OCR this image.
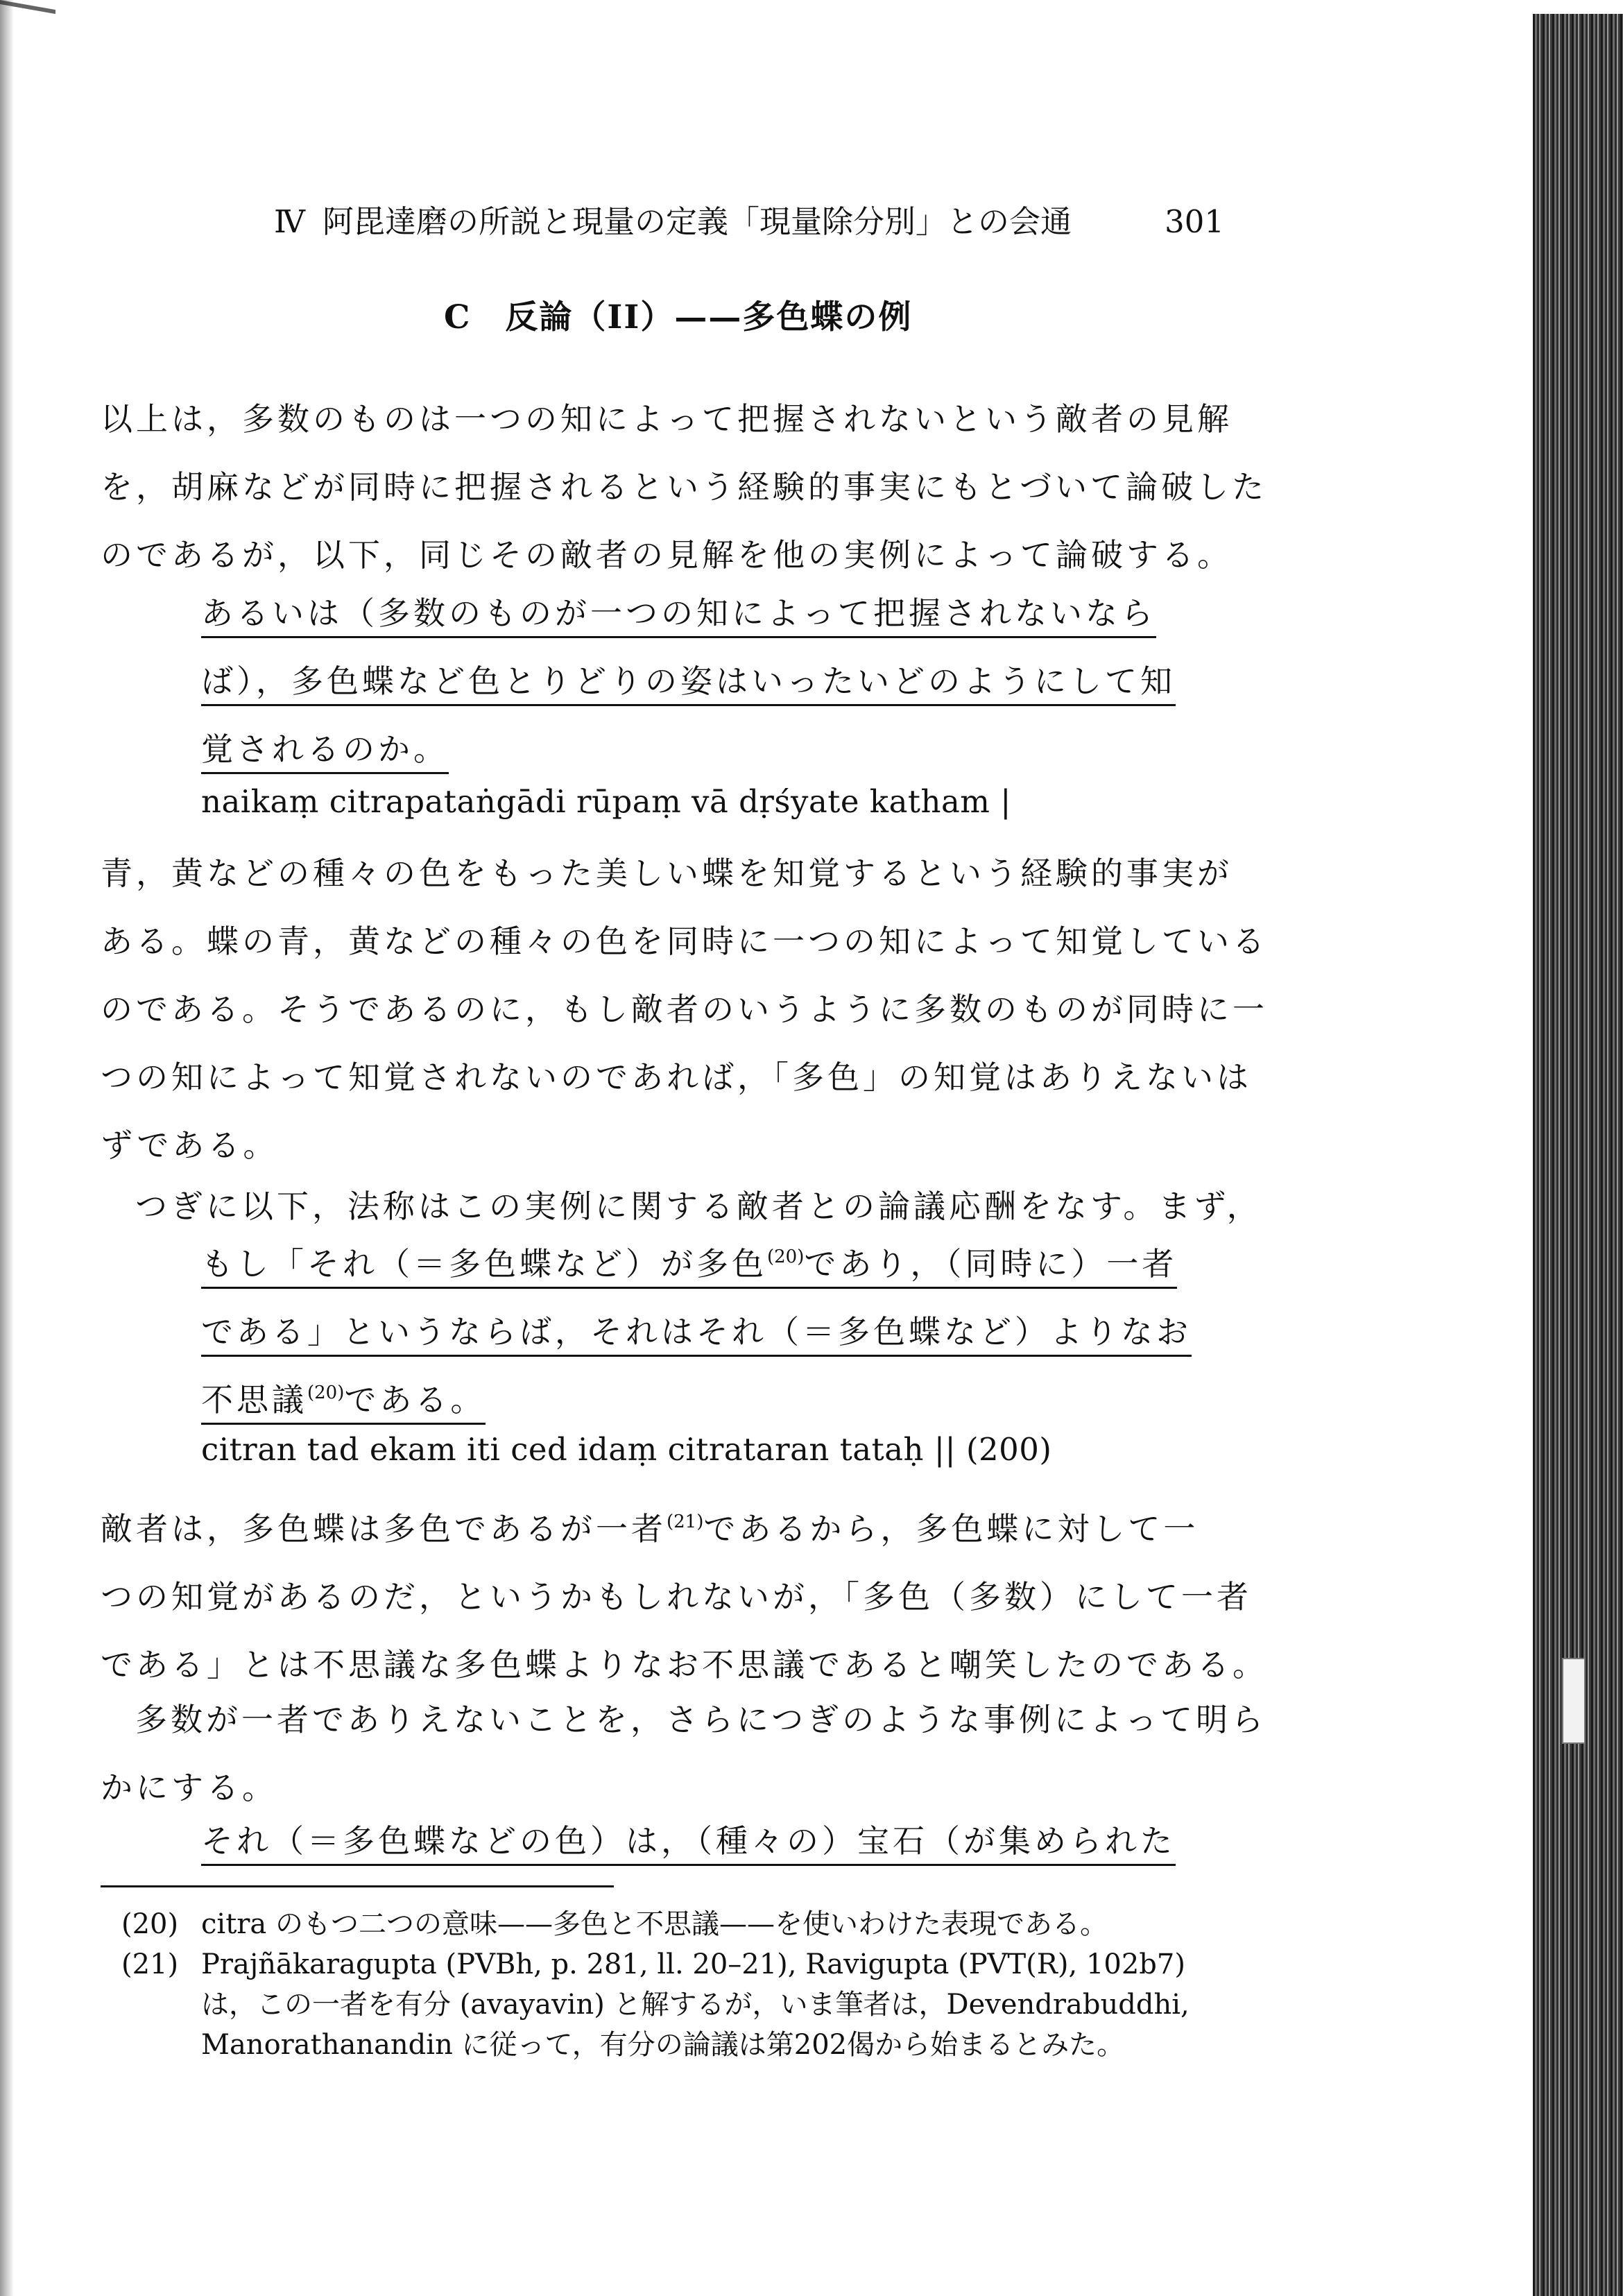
Ⅳ 阿毘達磨の所説と現量の定義「現量除分別」との会通	301
C　反論（II）——多色蝶の例
以上は，多数のものは一つの知によって把握されないという敵者の見解
を，胡麻などが同時に把握されるという経験的事実にもとづいて論破した
のであるが，以下，同じその敵者の見解を他の実例によって論破する。
あるいは（多数のものが一つの知によって把握されないなら
ば），多色蝶など色とりどりの姿はいったいどのようにして知
覚されるのか。
naikaṃ citrapataṅgādi rūpaṃ vā dṛśyate katham |
青，黄などの種々の色をもった美しい蝶を知覚するという経験的事実が
ある。蝶の青，黄などの種々の色を同時に一つの知によって知覚している
のである。そうであるのに，もし敵者のいうように多数のものが同時に一
つの知によって知覚されないのであれば，「多色」の知覚はありえないは
ずである。
つぎに以下，法称はこの実例に関する敵者との論議応酬をなす。まず，
もし「それ（＝多色蝶など）が多色$^{(20)}$であり，（同時に）一者
である」というならば，それはそれ（＝多色蝶など）よりなお
不思議$^{(20)}$である。
citran tad ekam iti ced idaṃ citrataran tataḥ || (200)
敵者は，多色蝶は多色であるが一者$^{(21)}$であるから，多色蝶に対して一
つの知覚があるのだ，というかもしれないが，「多色（多数）にして一者
である」とは不思議な多色蝶よりなお不思議であると嘲笑したのである。
多数が一者でありえないことを，さらにつぎのような事例によって明ら
かにする。
それ（＝多色蝶などの色）は，（種々の）宝石（が集められた
(20) citra のもつ二つの意味——多色と不思議——を使いわけた表現である。
(21) Prajñākaragupta (PVBh, p. 281, ll. 20–21), Ravigupta (PVT(R), 102b7)
は，この一者を有分 (avayavin) と解するが，いま筆者は，Devendrabuddhi,
Manorathanandin に従って，有分の論議は第202偈から始まるとみた。
